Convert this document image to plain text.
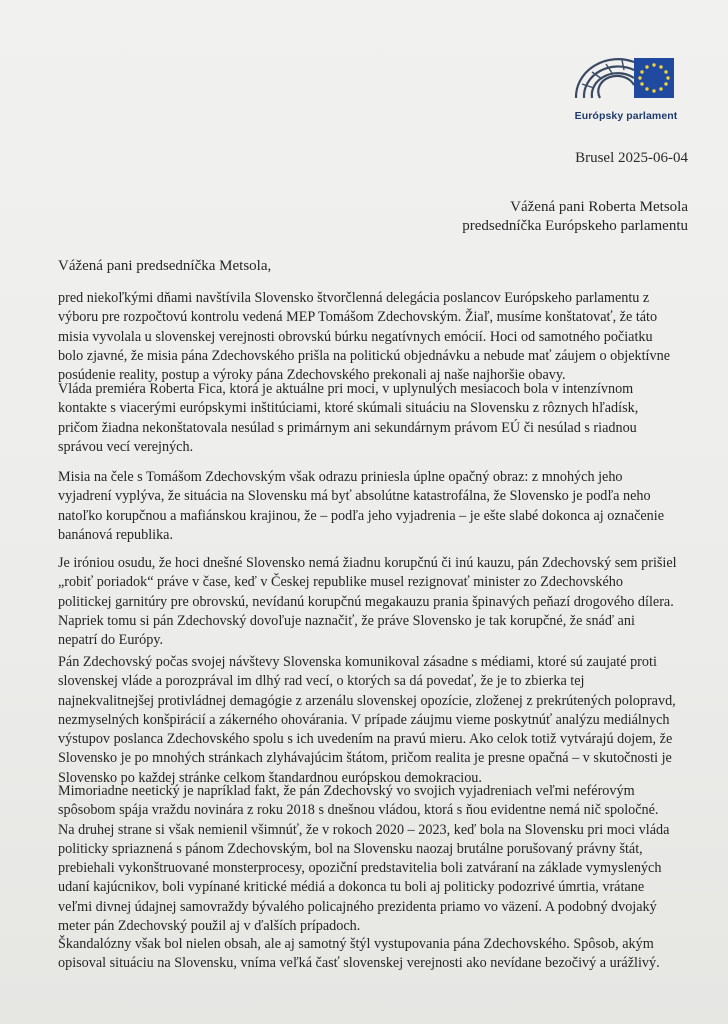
Európsky parlament
Brusel 2025-06-04
Vážená pani Roberta Metsola
predsedníčka Európskeho parlamentu
Vážená pani predsedníčka Metsola,
pred niekoľkými dňami navštívila Slovensko štvorčlenná delegácia poslancov Európskeho parlamentu z
výboru pre rozpočtovú kontrolu vedená MEP Tomášom Zdechovským. Žiaľ, musíme konštatovať, že táto
misia vyvolala u slovenskej verejnosti obrovskú búrku negatívnych emócií. Hoci od samotného počiatku
bolo zjavné, že misia pána Zdechovského prišla na politickú objednávku a nebude mať záujem o objektívne
posúdenie reality, postup a výroky pána Zdechovského prekonali aj naše najhoršie obavy.
Vláda premiéra Roberta Fica, ktorá je aktuálne pri moci, v uplynulých mesiacoch bola v intenzívnom
kontakte s viacerými európskymi inštitúciami, ktoré skúmali situáciu na Slovensku z rôznych hľadísk,
pričom žiadna nekonštatovala nesúlad s primárnym ani sekundárnym právom EÚ či nesúlad s riadnou
správou vecí verejných.
Misia na čele s Tomášom Zdechovským však odrazu priniesla úplne opačný obraz: z mnohých jeho
vyjadrení vyplýva, že situácia na Slovensku má byť absolútne katastrofálna, že Slovensko je podľa neho
natoľko korupčnou a mafiánskou krajinou, že – podľa jeho vyjadrenia – je ešte slabé dokonca aj označenie
banánová republika.
Je iróniou osudu, že hoci dnešné Slovensko nemá žiadnu korupčnú či inú kauzu, pán Zdechovský sem prišiel
„robiť poriadok“ práve v čase, keď v Českej republike musel rezignovať minister zo Zdechovského
politickej garnitúry pre obrovskú, nevídanú korupčnú megakauzu prania špinavých peňazí drogového dílera.
Napriek tomu si pán Zdechovský dovoľuje naznačiť, že práve Slovensko je tak korupčné, že snáď ani
nepatrí do Európy.
Pán Zdechovský počas svojej návštevy Slovenska komunikoval zásadne s médiami, ktoré sú zaujaté proti
slovenskej vláde a porozprával im dlhý rad vecí, o ktorých sa dá povedať, že je to zbierka tej
najnekvalitnejšej protivládnej demagógie z arzenálu slovenskej opozície, zloženej z prekrútených polopravd,
nezmyselných konšpirácií a zákerného ohovárania. V prípade záujmu vieme poskytnúť analýzu mediálnych
výstupov poslanca Zdechovského spolu s ich uvedením na pravú mieru. Ako celok totiž vytvárajú dojem, že
Slovensko je po mnohých stránkach zlyhávajúcim štátom, pričom realita je presne opačná – v skutočnosti je
Slovensko po každej stránke celkom štandardnou európskou demokraciou.
Mimoriadne neetický je napríklad fakt, že pán Zdechovský vo svojich vyjadreniach veľmi neférovým
spôsobom spája vraždu novinára z roku 2018 s dnešnou vládou, ktorá s ňou evidentne nemá nič spoločné.
Na druhej strane si však nemienil všimnúť, že v rokoch 2020 – 2023, keď bola na Slovensku pri moci vláda
politicky spriaznená s pánom Zdechovským, bol na Slovensku naozaj brutálne porušovaný právny štát,
prebiehali vykonštruované monsterprocesy, opoziční predstavitelia boli zatváraní na základe vymyslených
udaní kajúcnikov, boli vypínané kritické médiá a dokonca tu boli aj politicky podozrivé úmrtia, vrátane
veľmi divnej údajnej samovraždy bývalého policajného prezidenta priamo vo väzení. A podobný dvojaký
meter pán Zdechovský použil aj v ďalších prípadoch.
Škandalózny však bol nielen obsah, ale aj samotný štýl vystupovania pána Zdechovského. Spôsob, akým
opisoval situáciu na Slovensku, vníma veľká časť slovenskej verejnosti ako nevídane bezočivý a urážlivý.
